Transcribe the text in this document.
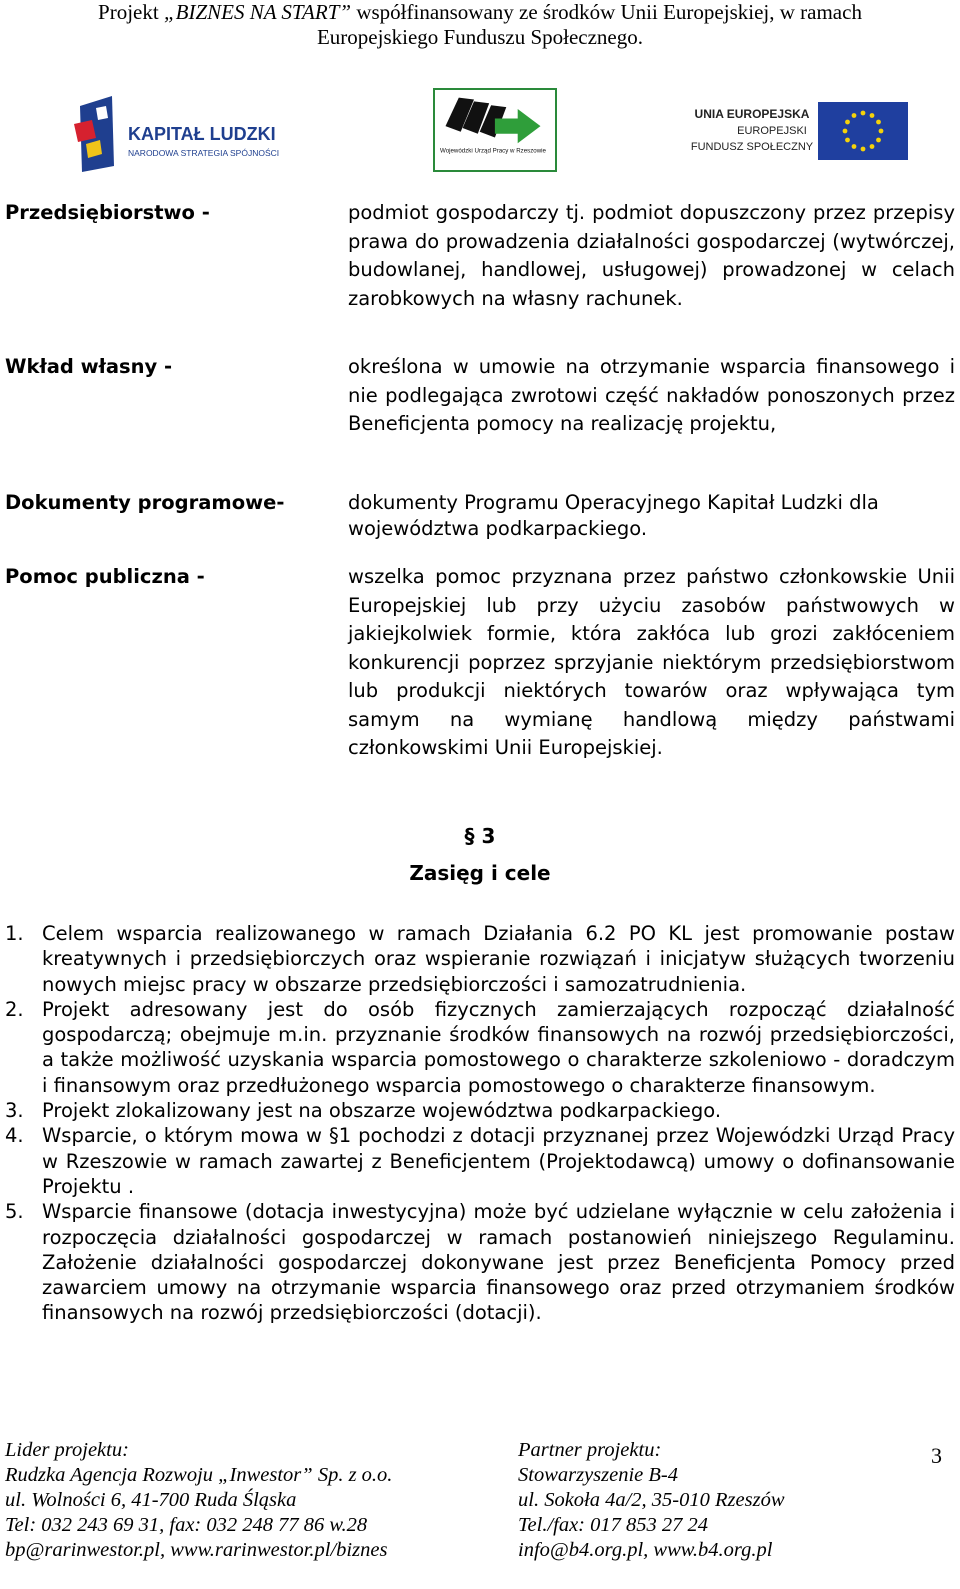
Projekt „BIZNES NA START” współfinansowany ze środków Unii Europejskiej, w ramach
Europejskiego Funduszu Społecznego.
KAPITAŁ LUDZKI
NARODOWA STRATEGIA SPÓJNOŚCI	Wojewódzki Urząd Pracy w Rzeszowie
UNIA EUROPEJSKA
EUROPEJSKI
FUNDUSZ SPOŁECZNY
Przedsiębiorstwo -	podmiot gospodarczy tj. podmiot dopuszczony przez przepisy prawa do prowadzenia działalności gospodarczej (wytwórczej, budowlanej, handlowej, usługowej) prowadzonej w celach zarobkowych na własny rachunek.
Wkład własny -	określona w umowie na otrzymanie wsparcia finansowego i nie podlegająca zwrotowi część nakładów ponoszonych przez Beneficjenta pomocy na realizację projektu,
Dokumenty programowe-	dokumenty Programu Operacyjnego Kapitał Ludzki dla województwa podkarpackiego.
Pomoc publiczna -	wszelka pomoc przyznana przez państwo członkowskie Unii Europejskiej lub przy użyciu zasobów państwowych w jakiejkolwiek formie, która zakłóca lub grozi zakłóceniem konkurencji poprzez sprzyjanie niektórym przedsiębiorstwom lub produkcji niektórych towarów oraz wpływająca tym samym na wymianę handlową między państwami członkowskimi Unii Europejskiej.
§ 3
Zasięg i cele
1. Celem wsparcia realizowanego w ramach Działania 6.2 PO KL jest promowanie postaw kreatywnych i przedsiębiorczych oraz wspieranie rozwiązań i inicjatyw służących tworzeniu nowych miejsc pracy w obszarze przedsiębiorczości i samozatrudnienia.
2. Projekt adresowany jest do osób fizycznych zamierzających rozpocząć działalność gospodarczą; obejmuje m.in. przyznanie środków finansowych na rozwój przedsiębiorczości, a także możliwość uzyskania wsparcia pomostowego o charakterze szkoleniowo - doradczym i finansowym oraz przedłużonego wsparcia pomostowego o charakterze finansowym.
3. Projekt zlokalizowany jest na obszarze województwa podkarpackiego.
4. Wsparcie, o którym mowa w §1 pochodzi z dotacji przyznanej przez Wojewódzki Urząd Pracy w Rzeszowie w ramach zawartej z Beneficjentem (Projektodawcą) umowy o dofinansowanie Projektu .
5. Wsparcie finansowe (dotacja inwestycyjna) może być udzielane wyłącznie w celu założenia i rozpoczęcia działalności gospodarczej w ramach postanowień niniejszego Regulaminu. Założenie działalności gospodarczej dokonywane jest przez Beneficjenta Pomocy przed zawarciem umowy na otrzymanie wsparcia finansowego oraz przed otrzymaniem środków finansowych na rozwój przedsiębiorczości (dotacji).
Lider projektu:
Rudzka Agencja Rozwoju „Inwestor” Sp. z o.o.
ul. Wolności 6, 41-700 Ruda Śląska
Tel: 032 243 69 31, fax: 032 248 77 86 w.28
bp@rarinwestor.pl, www.rarinwestor.pl/biznes
Partner projektu:
Stowarzyszenie B-4
ul. Sokoła 4a/2, 35-010 Rzeszów
Tel./fax: 017 853 27 24
info@b4.org.pl, www.b4.org.pl
3
